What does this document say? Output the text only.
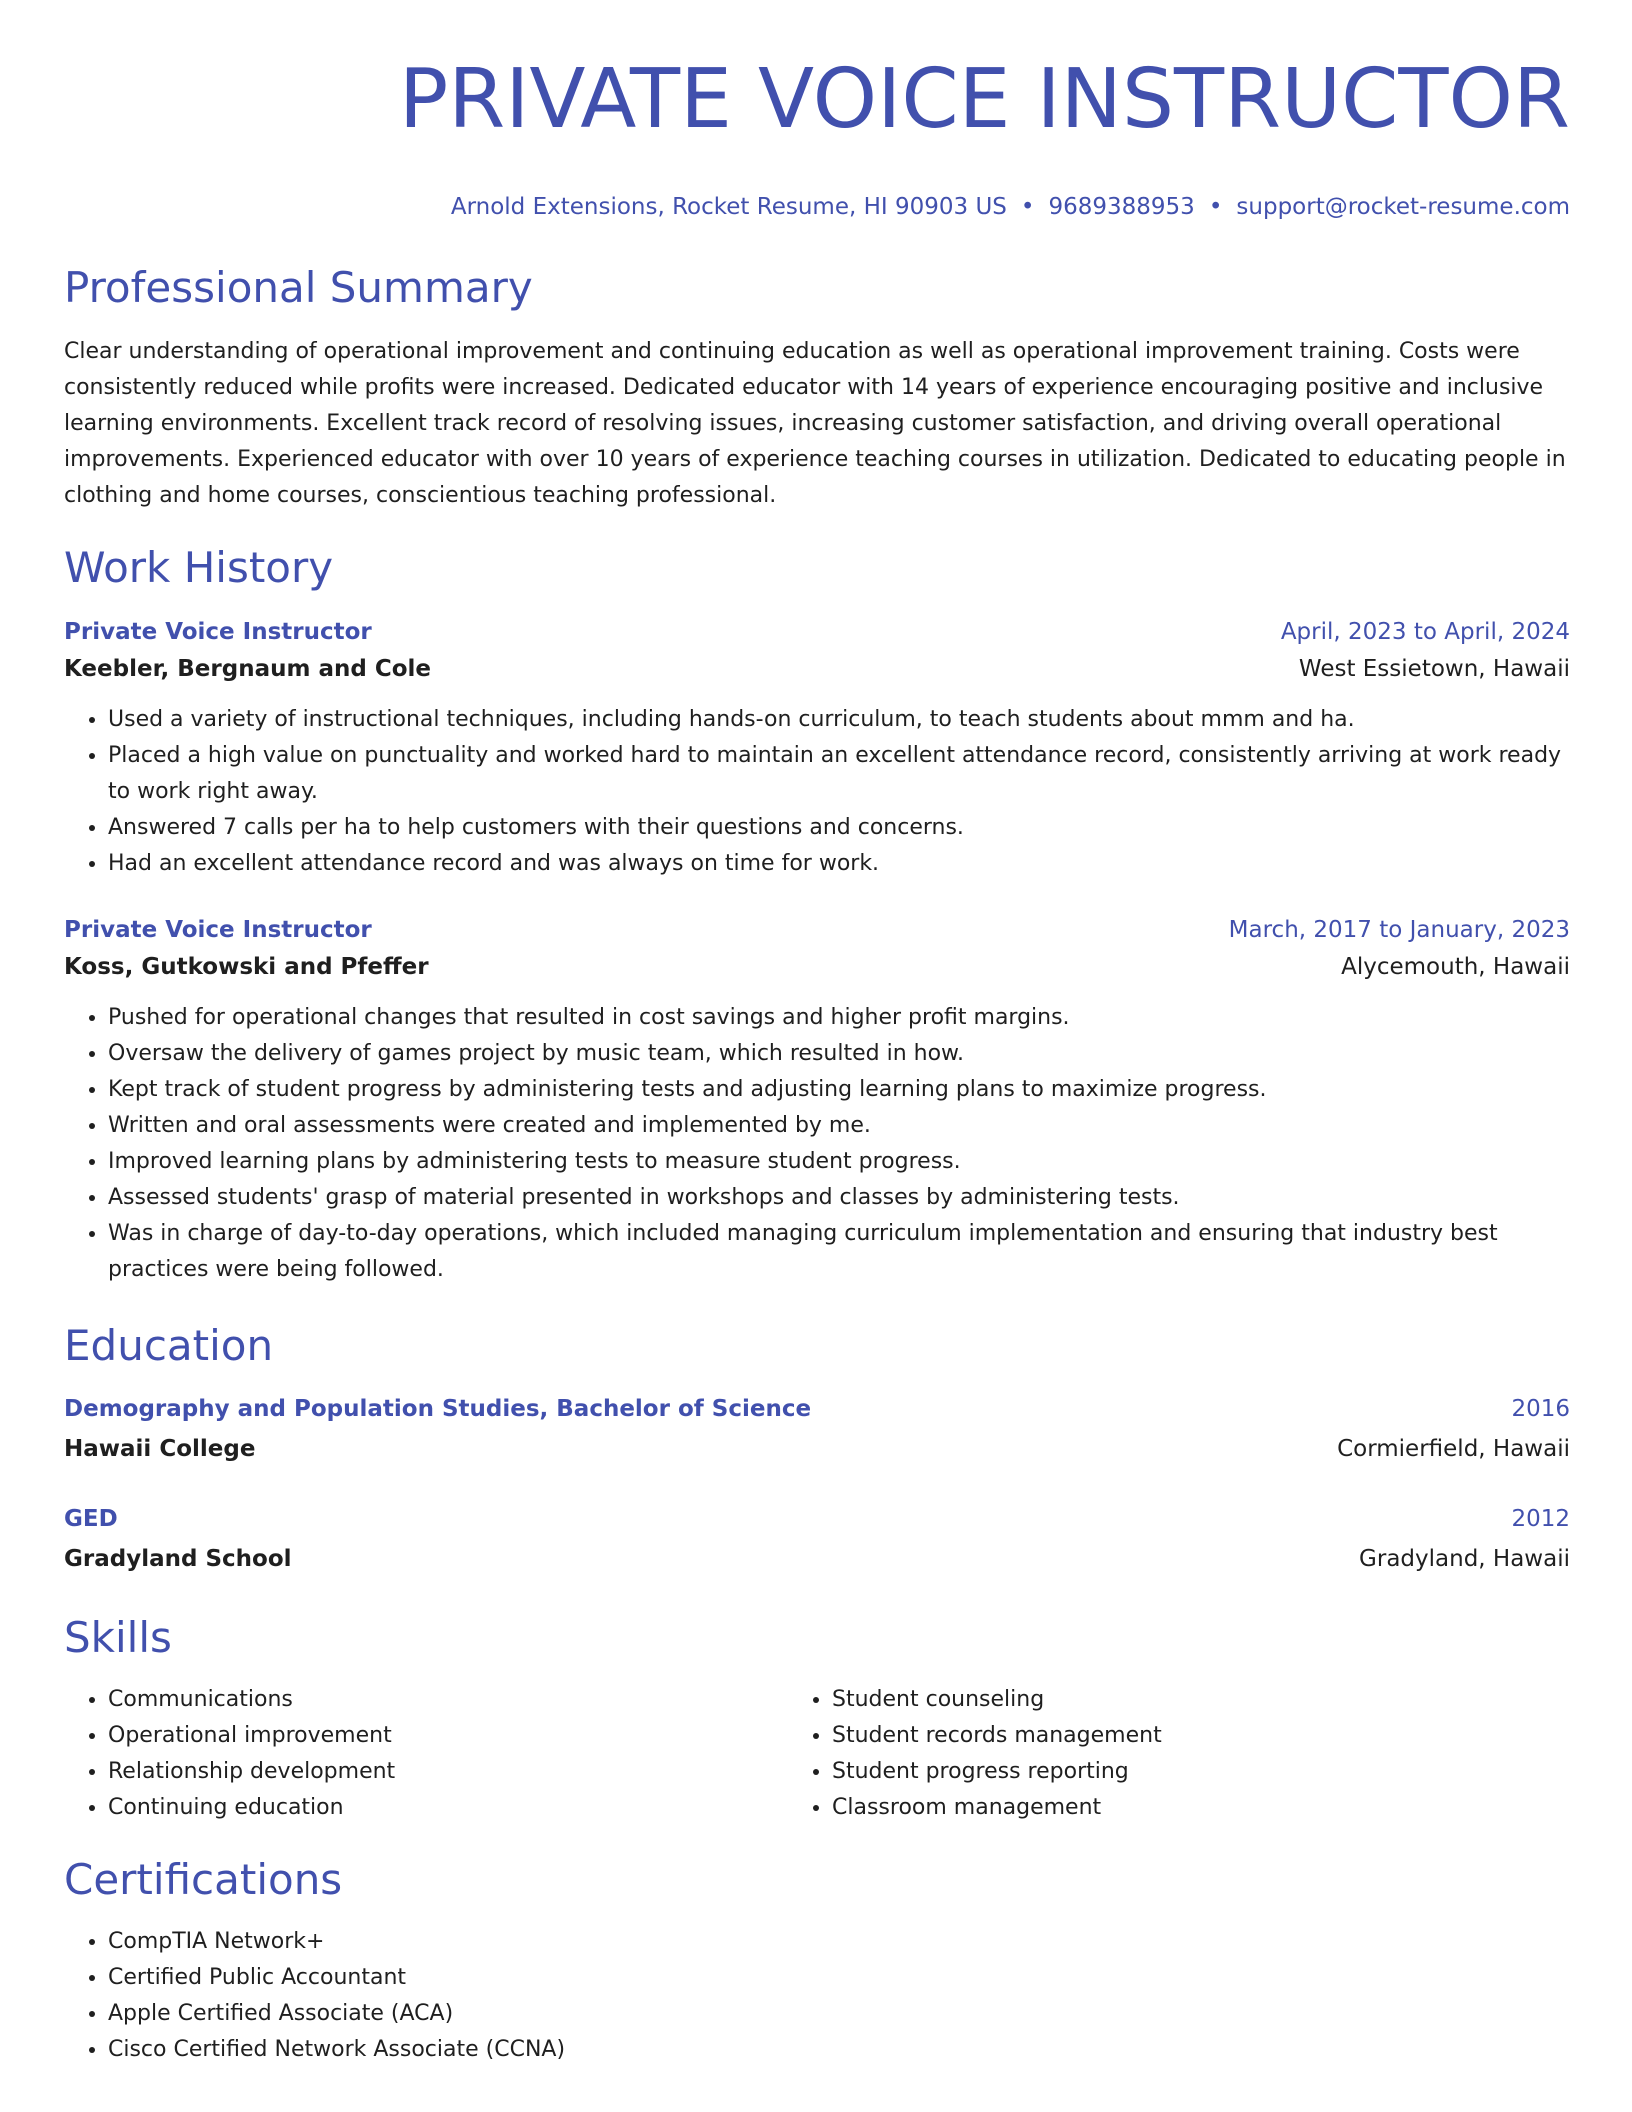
PRIVATE VOICE INSTRUCTOR
Arnold Extensions, Rocket Resume, HI 90903 US • 9689388953 • support@rocket-resume.com
Professional Summary

Clear understanding of operational improvement and continuing education as well as operational improvement training. Costs were consistently reduced while profits were increased. Dedicated educator with 14 years of experience encouraging positive and inclusive learning environments. Excellent track record of resolving issues, increasing customer satisfaction, and driving overall operational improvements. Experienced educator with over 10 years of experience teaching courses in utilization. Dedicated to educating people in clothing and home courses, conscientious teaching professional.

Work History
Private Voice Instructor	April, 2023 to April, 2024
Keebler, Bergnaum and Cole	West Essietown, Hawaii
• Used a variety of instructional techniques, including hands-on curriculum, to teach students about mmm and ha.
• Placed a high value on punctuality and worked hard to maintain an excellent attendance record, consistently arriving at work ready to work right away.
• Answered 7 calls per ha to help customers with their questions and concerns.
• Had an excellent attendance record and was always on time for work.
Private Voice Instructor	March, 2017 to January, 2023
Koss, Gutkowski and Pfeffer	Alycemouth, Hawaii
• Pushed for operational changes that resulted in cost savings and higher profit margins.
• Oversaw the delivery of games project by music team, which resulted in how.
• Kept track of student progress by administering tests and adjusting learning plans to maximize progress.
• Written and oral assessments were created and implemented by me.
• Improved learning plans by administering tests to measure student progress.
• Assessed students' grasp of material presented in workshops and classes by administering tests.
• Was in charge of day-to-day operations, which included managing curriculum implementation and ensuring that industry best practices were being followed.
Education
Demography and Population Studies, Bachelor of Science	2016
Hawaii College	Cormierfield, Hawaii
GED	2012
Gradyland School	Gradyland, Hawaii
Skills
• Communications
• Operational improvement
• Relationship development
• Continuing education
• Student counseling
• Student records management
• Student progress reporting
• Classroom management
Certifications
• CompTIA Network+
• Certified Public Accountant
• Apple Certified Associate (ACA)
• Cisco Certified Network Associate (CCNA)
